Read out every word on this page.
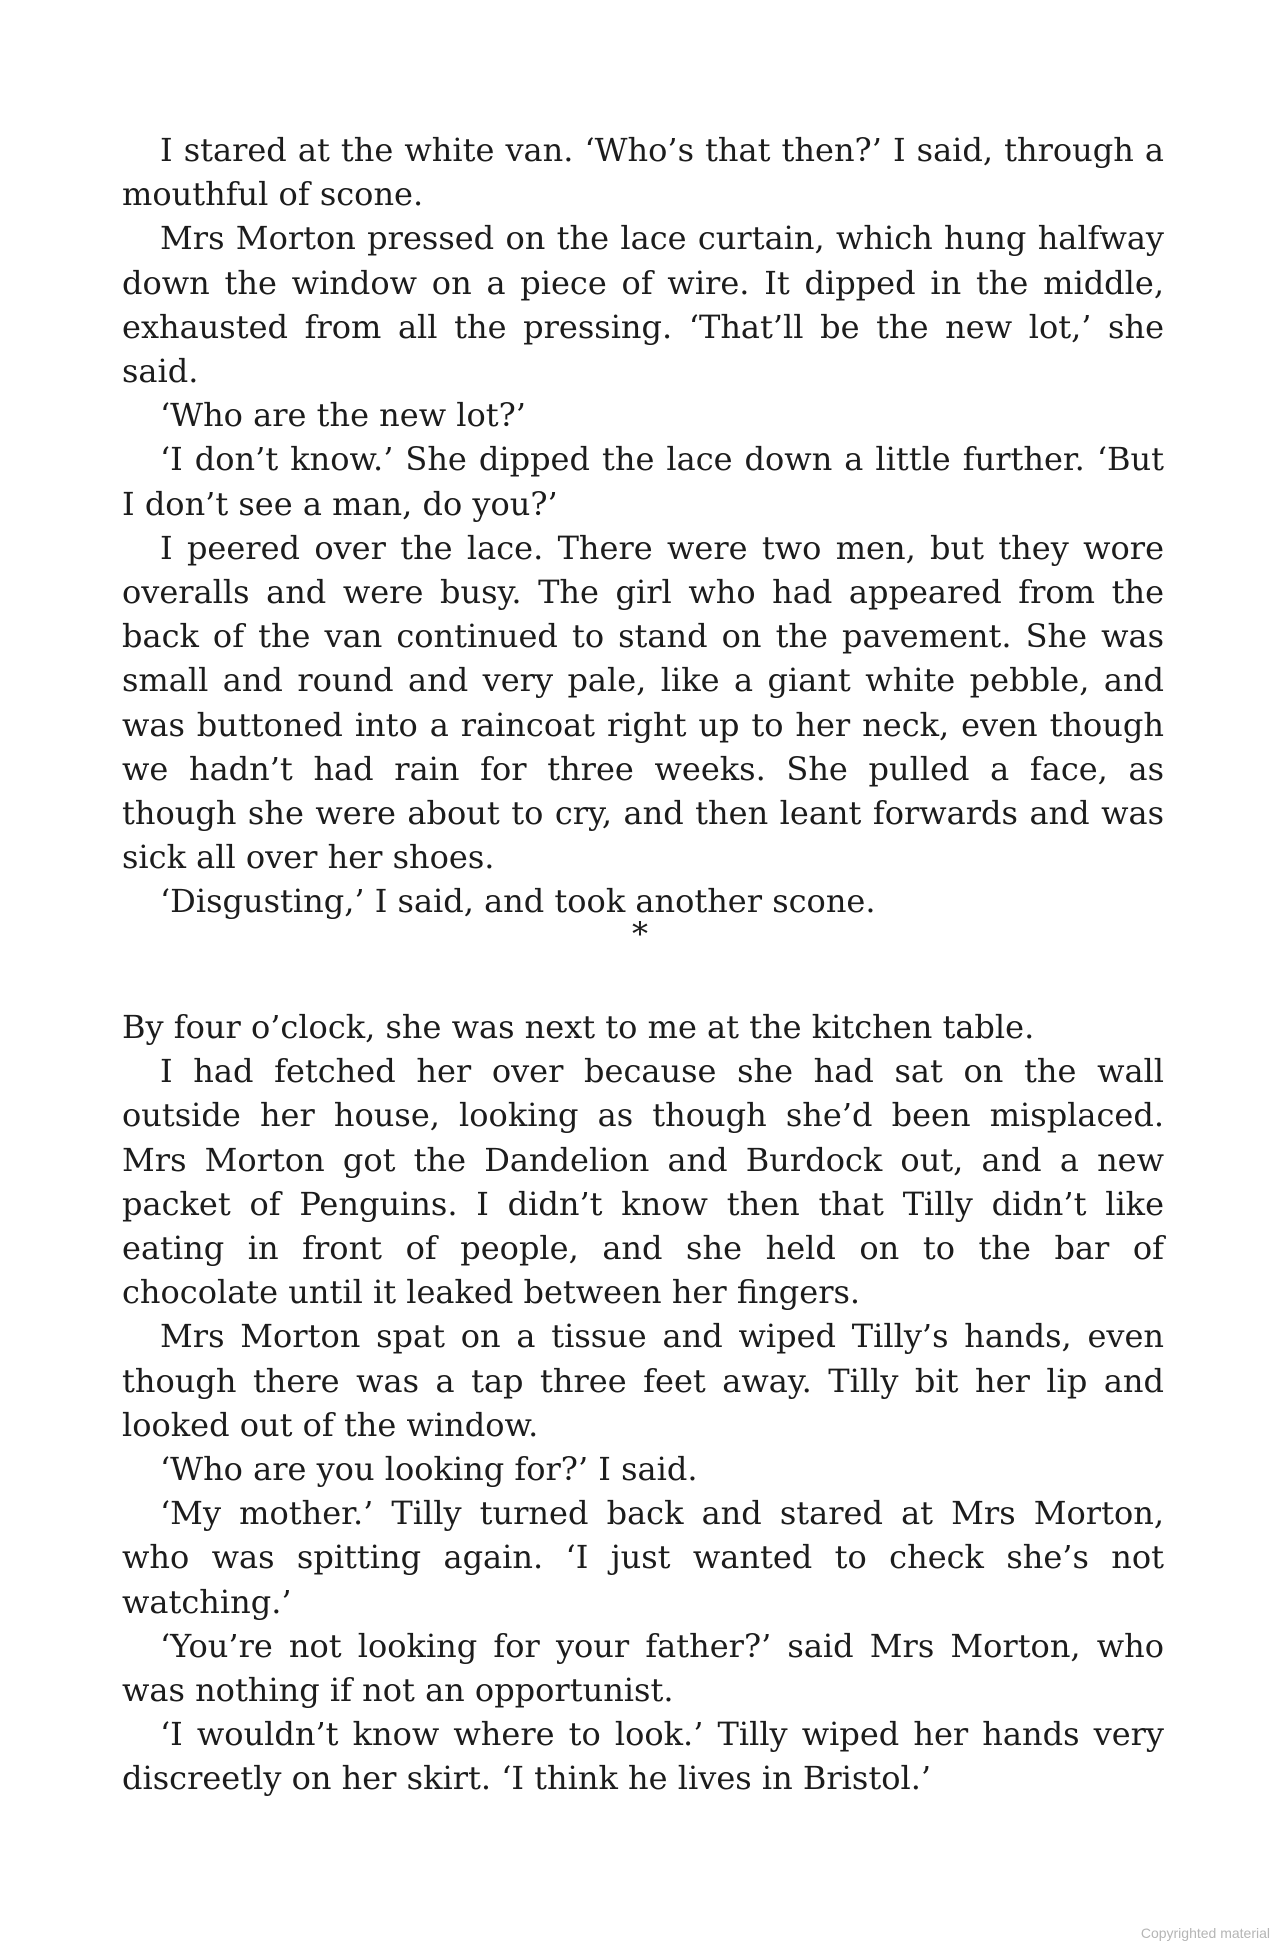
I stared at the white van. ‘Who’s that then?’ I said, through a mouthful of scone.

Mrs Morton pressed on the lace curtain, which hung halfway down the window on a piece of wire. It dipped in the middle, exhausted from all the pressing. ‘That’ll be the new lot,’ she said.

‘Who are the new lot?’

‘I don’t know.’ She dipped the lace down a little further. ‘But I don’t see a man, do you?’

I peered over the lace. There were two men, but they wore overalls and were busy. The girl who had appeared from the back of the van continued to stand on the pavement. She was small and round and very pale, like a giant white pebble, and was buttoned into a raincoat right up to her neck, even though we hadn’t had rain for three weeks. She pulled a face, as though she were about to cry, and then leant forwards and was sick all over her shoes.

‘Disgusting,’ I said, and took another scone.

*

By four o’clock, she was next to me at the kitchen table.

I had fetched her over because she had sat on the wall outside her house, looking as though she’d been misplaced. Mrs Morton got the Dandelion and Burdock out, and a new packet of Penguins. I didn’t know then that Tilly didn’t like eating in front of people, and she held on to the bar of chocolate until it leaked between her fingers.

Mrs Morton spat on a tissue and wiped Tilly’s hands, even though there was a tap three feet away. Tilly bit her lip and looked out of the window.

‘Who are you looking for?’ I said.

‘My mother.’ Tilly turned back and stared at Mrs Morton, who was spitting again. ‘I just wanted to check she’s not watching.’

‘You’re not looking for your father?’ said Mrs Morton, who was nothing if not an opportunist.

‘I wouldn’t know where to look.’ Tilly wiped her hands very discreetly on her skirt. ‘I think he lives in Bristol.’

Copyrighted material
